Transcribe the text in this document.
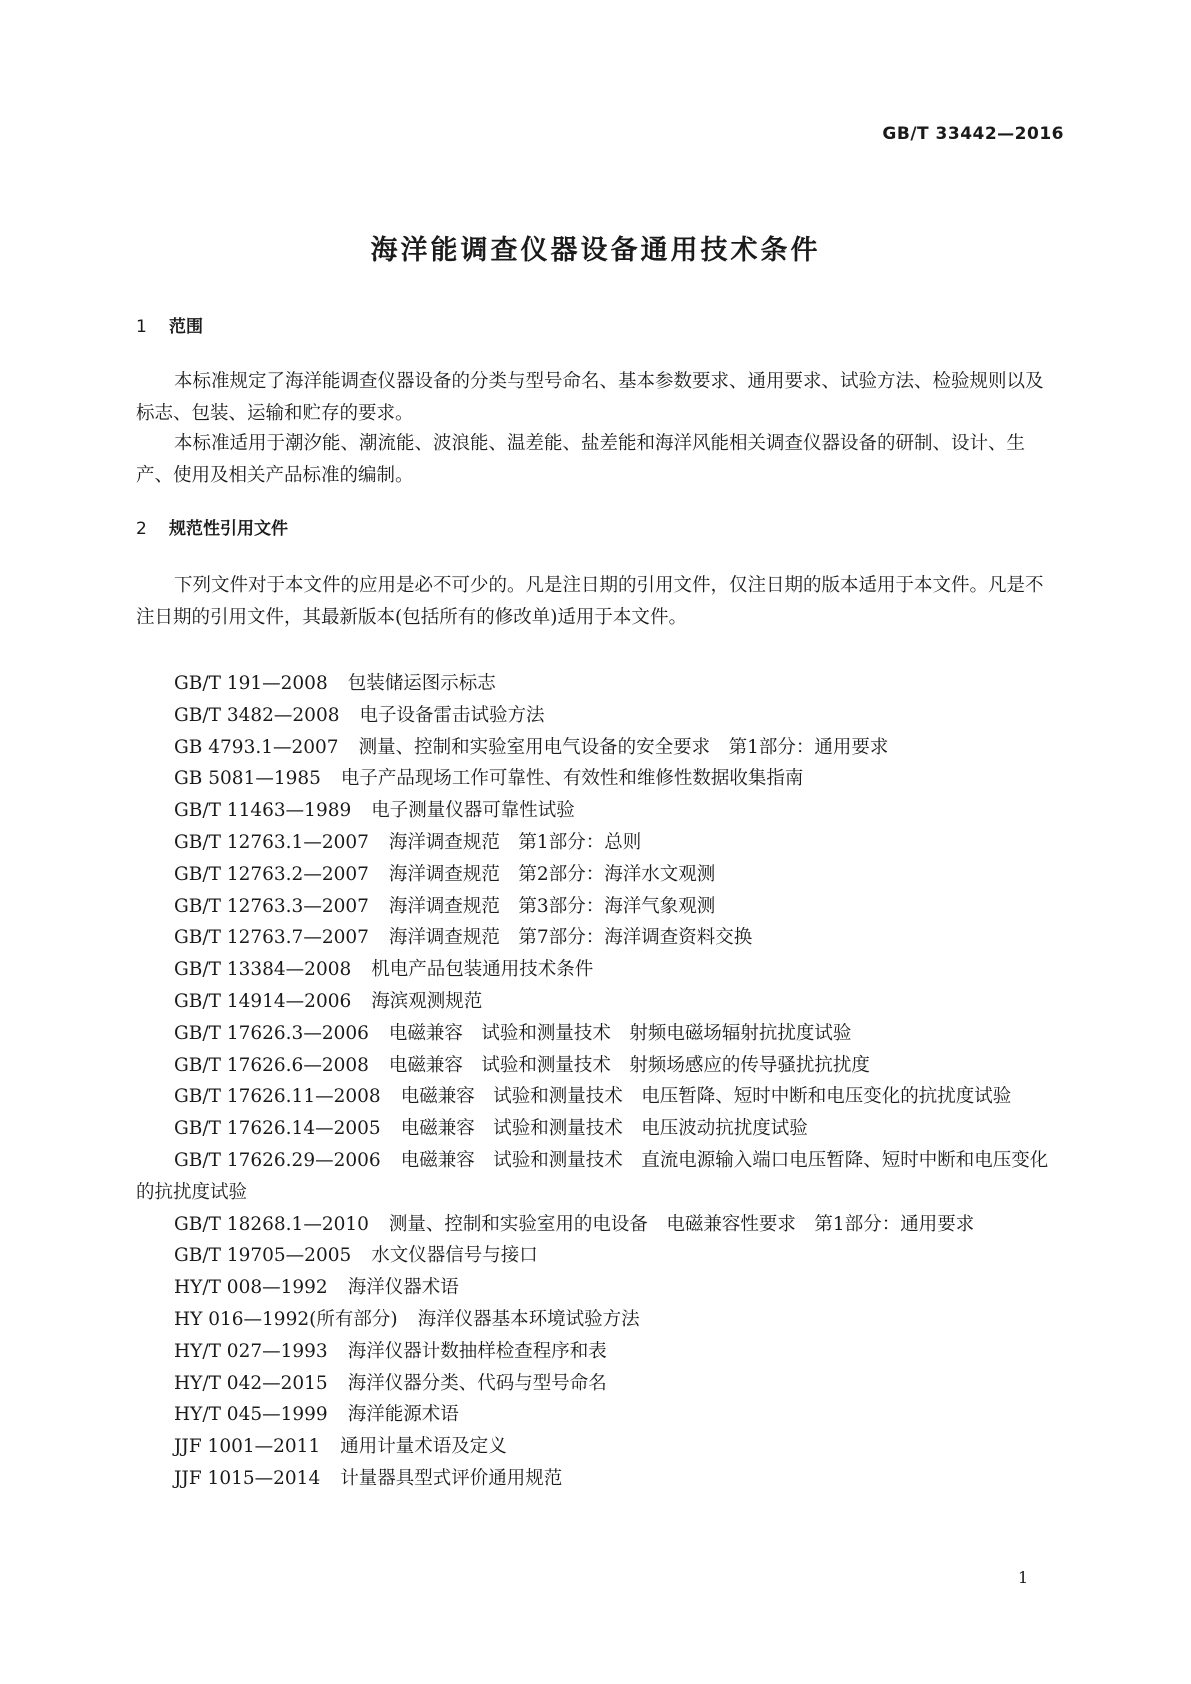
GB/T 33442—2016
海洋能调查仪器设备通用技术条件
1 范围

本标准规定了海洋能调查仪器设备的分类与型号命名、基本参数要求、通用要求、试验方法、检验规则以及标志、包装、运输和贮存的要求。

本标准适用于潮汐能、潮流能、波浪能、温差能、盐差能和海洋风能相关调查仪器设备的研制、设计、生产、使用及相关产品标准的编制。

2 规范性引用文件

下列文件对于本文件的应用是必不可少的。凡是注日期的引用文件，仅注日期的版本适用于本文件。凡是不注日期的引用文件，其最新版本(包括所有的修改单)适用于本文件。

GB/T 191—2008 包装储运图示标志

GB/T 3482—2008 电子设备雷击试验方法

GB 4793.1—2007 测量、控制和实验室用电气设备的安全要求　第1部分：通用要求

GB 5081—1985 电子产品现场工作可靠性、有效性和维修性数据收集指南

GB/T 11463—1989 电子测量仪器可靠性试验

GB/T 12763.1—2007 海洋调查规范　第1部分：总则

GB/T 12763.2—2007 海洋调查规范　第2部分：海洋水文观测

GB/T 12763.3—2007 海洋调查规范　第3部分：海洋气象观测

GB/T 12763.7—2007 海洋调查规范　第7部分：海洋调查资料交换

GB/T 13384—2008 机电产品包装通用技术条件

GB/T 14914—2006 海滨观测规范

GB/T 17626.3—2006 电磁兼容　试验和测量技术　射频电磁场辐射抗扰度试验

GB/T 17626.6—2008 电磁兼容　试验和测量技术　射频场感应的传导骚扰抗扰度

GB/T 17626.11—2008 电磁兼容　试验和测量技术　电压暂降、短时中断和电压变化的抗扰度试验

GB/T 17626.14—2005 电磁兼容　试验和测量技术　电压波动抗扰度试验

GB/T 17626.29—2006 电磁兼容　试验和测量技术　直流电源输入端口电压暂降、短时中断和电压变化的抗扰度试验

GB/T 18268.1—2010 测量、控制和实验室用的电设备　电磁兼容性要求　第1部分：通用要求

GB/T 19705—2005 水文仪器信号与接口

HY/T 008—1992 海洋仪器术语

HY 016—1992(所有部分) 海洋仪器基本环境试验方法

HY/T 027—1993 海洋仪器计数抽样检查程序和表

HY/T 042—2015 海洋仪器分类、代码与型号命名

HY/T 045—1999 海洋能源术语

JJF 1001—2011 通用计量术语及定义

JJF 1015—2014 计量器具型式评价通用规范

1
